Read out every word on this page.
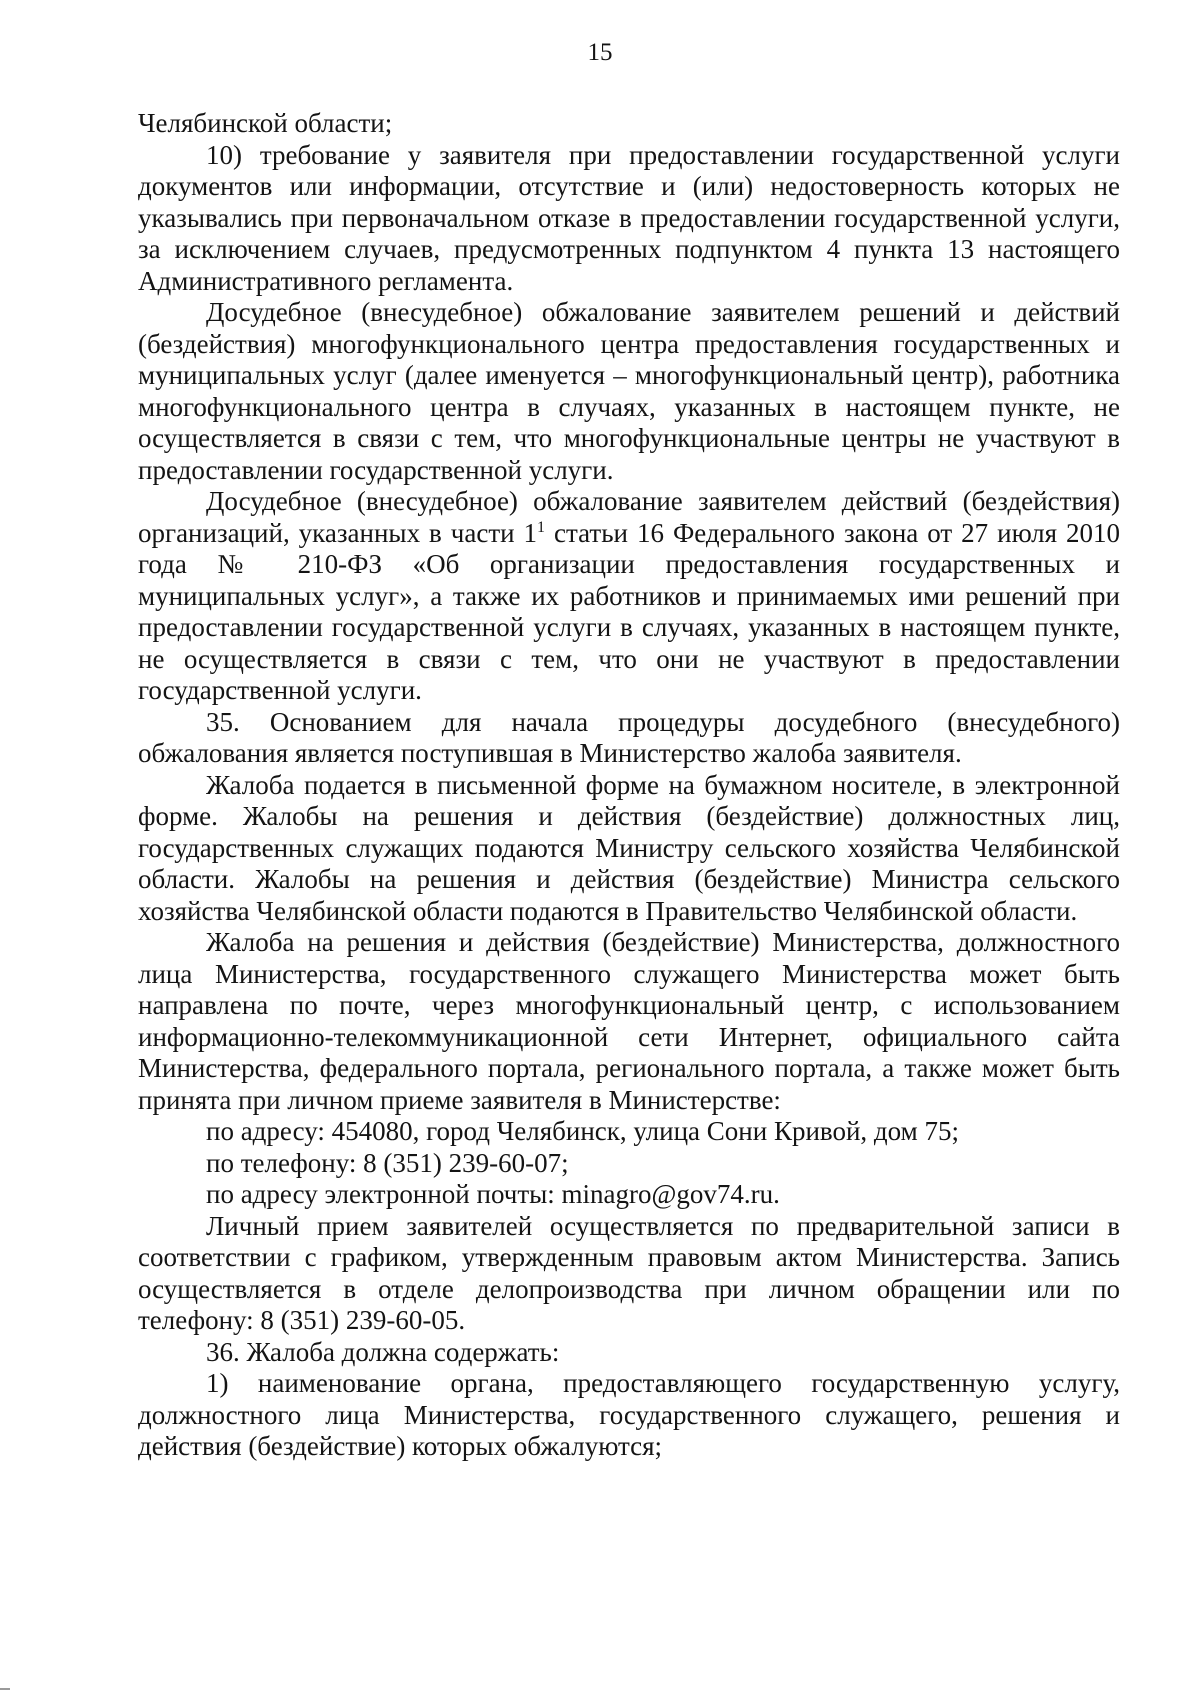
15

Челябинской области;

10) требование у заявителя при предоставлении государственной услуги документов или информации, отсутствие и (или) недостоверность которых не указывались при первоначальном отказе в предоставлении государственной услуги, за исключением случаев, предусмотренных подпунктом 4 пункта 13 настоящего Административного регламента.

Досудебное (внесудебное) обжалование заявителем решений и действий (бездействия) многофункционального центра предоставления государственных и муниципальных услуг (далее именуется – многофункциональный центр), работника многофункционального центра в случаях, указанных в настоящем пункте, не осуществляется в связи с тем, что многофункциональные центры не участвуют в предоставлении государственной услуги.

Досудебное (внесудебное) обжалование заявителем действий (бездействия) организаций, указанных в части 1$^1$ статьи 16 Федерального закона от 27 июля 2010 года № 210-ФЗ «Об организации предоставления государственных и муниципальных услуг», а также их работников и принимаемых ими решений при предоставлении государственной услуги в случаях, указанных в настоящем пункте, не осуществляется в связи с тем, что они не участвуют в предоставлении государственной услуги.

35. Основанием для начала процедуры досудебного (внесудебного) обжалования является поступившая в Министерство жалоба заявителя.

Жалоба подается в письменной форме на бумажном носителе, в электронной форме. Жалобы на решения и действия (бездействие) должностных лиц, государственных служащих подаются Министру сельского хозяйства Челябинской области. Жалобы на решения и действия (бездействие) Министра сельского хозяйства Челябинской области подаются в Правительство Челябинской области.

Жалоба на решения и действия (бездействие) Министерства, должностного лица Министерства, государственного служащего Министерства может быть направлена по почте, через многофункциональный центр, с использованием информационно-телекоммуникационной сети Интернет, официального сайта Министерства, федерального портала, регионального портала, а также может быть принята при личном приеме заявителя в Министерстве:

по адресу: 454080, город Челябинск, улица Сони Кривой, дом 75;

по телефону: 8 (351) 239-60-07;

по адресу электронной почты: minagro@gov74.ru.

Личный прием заявителей осуществляется по предварительной записи в соответствии с графиком, утвержденным правовым актом Министерства. Запись осуществляется в отделе делопроизводства при личном обращении или по телефону: 8 (351) 239-60-05.

36. Жалоба должна содержать:

1) наименование органа, предоставляющего государственную услугу, должностного лица Министерства, государственного служащего, решения и действия (бездействие) которых обжалуются;
